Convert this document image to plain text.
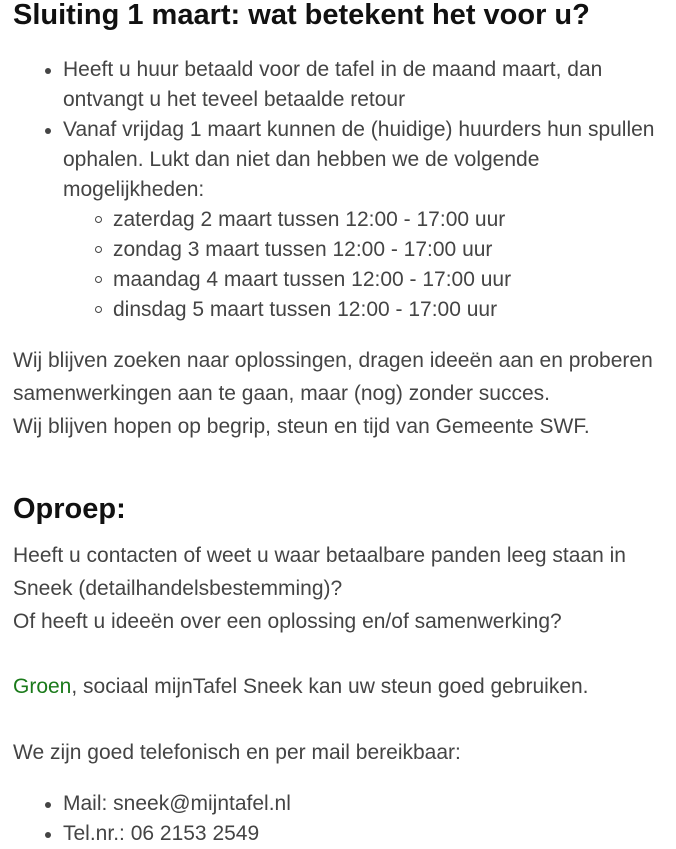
Sluiting 1 maart: wat betekent het voor u?
Heeft u huur betaald voor de tafel in de maand maart, dan ontvangt u het teveel betaalde retour
Vanaf vrijdag 1 maart kunnen de (huidige) huurders hun spullen ophalen. Lukt dan niet dan hebben we de volgende mogelijkheden:
zaterdag 2 maart tussen 12:00 - 17:00 uur
zondag 3 maart tussen 12:00 - 17:00 uur
maandag 4 maart tussen 12:00 - 17:00 uur
dinsdag 5 maart tussen 12:00 - 17:00 uur

Wij blijven zoeken naar oplossingen, dragen ideeën aan en proberen samenwerkingen aan te gaan, maar (nog) zonder succes.
Wij blijven hopen op begrip, steun en tijd van Gemeente SWF.

Oproep:

Heeft u contacten of weet u waar betaalbare panden leeg staan in Sneek (detailhandelsbestemming)?
Of heeft u ideeën over een oplossing en/of samenwerking?

Groen, sociaal mijnTafel Sneek kan uw steun goed gebruiken.

We zijn goed telefonisch en per mail bereikbaar:

Mail: sneek@mijntafel.nl
Tel.nr.: 06 2153 2549
